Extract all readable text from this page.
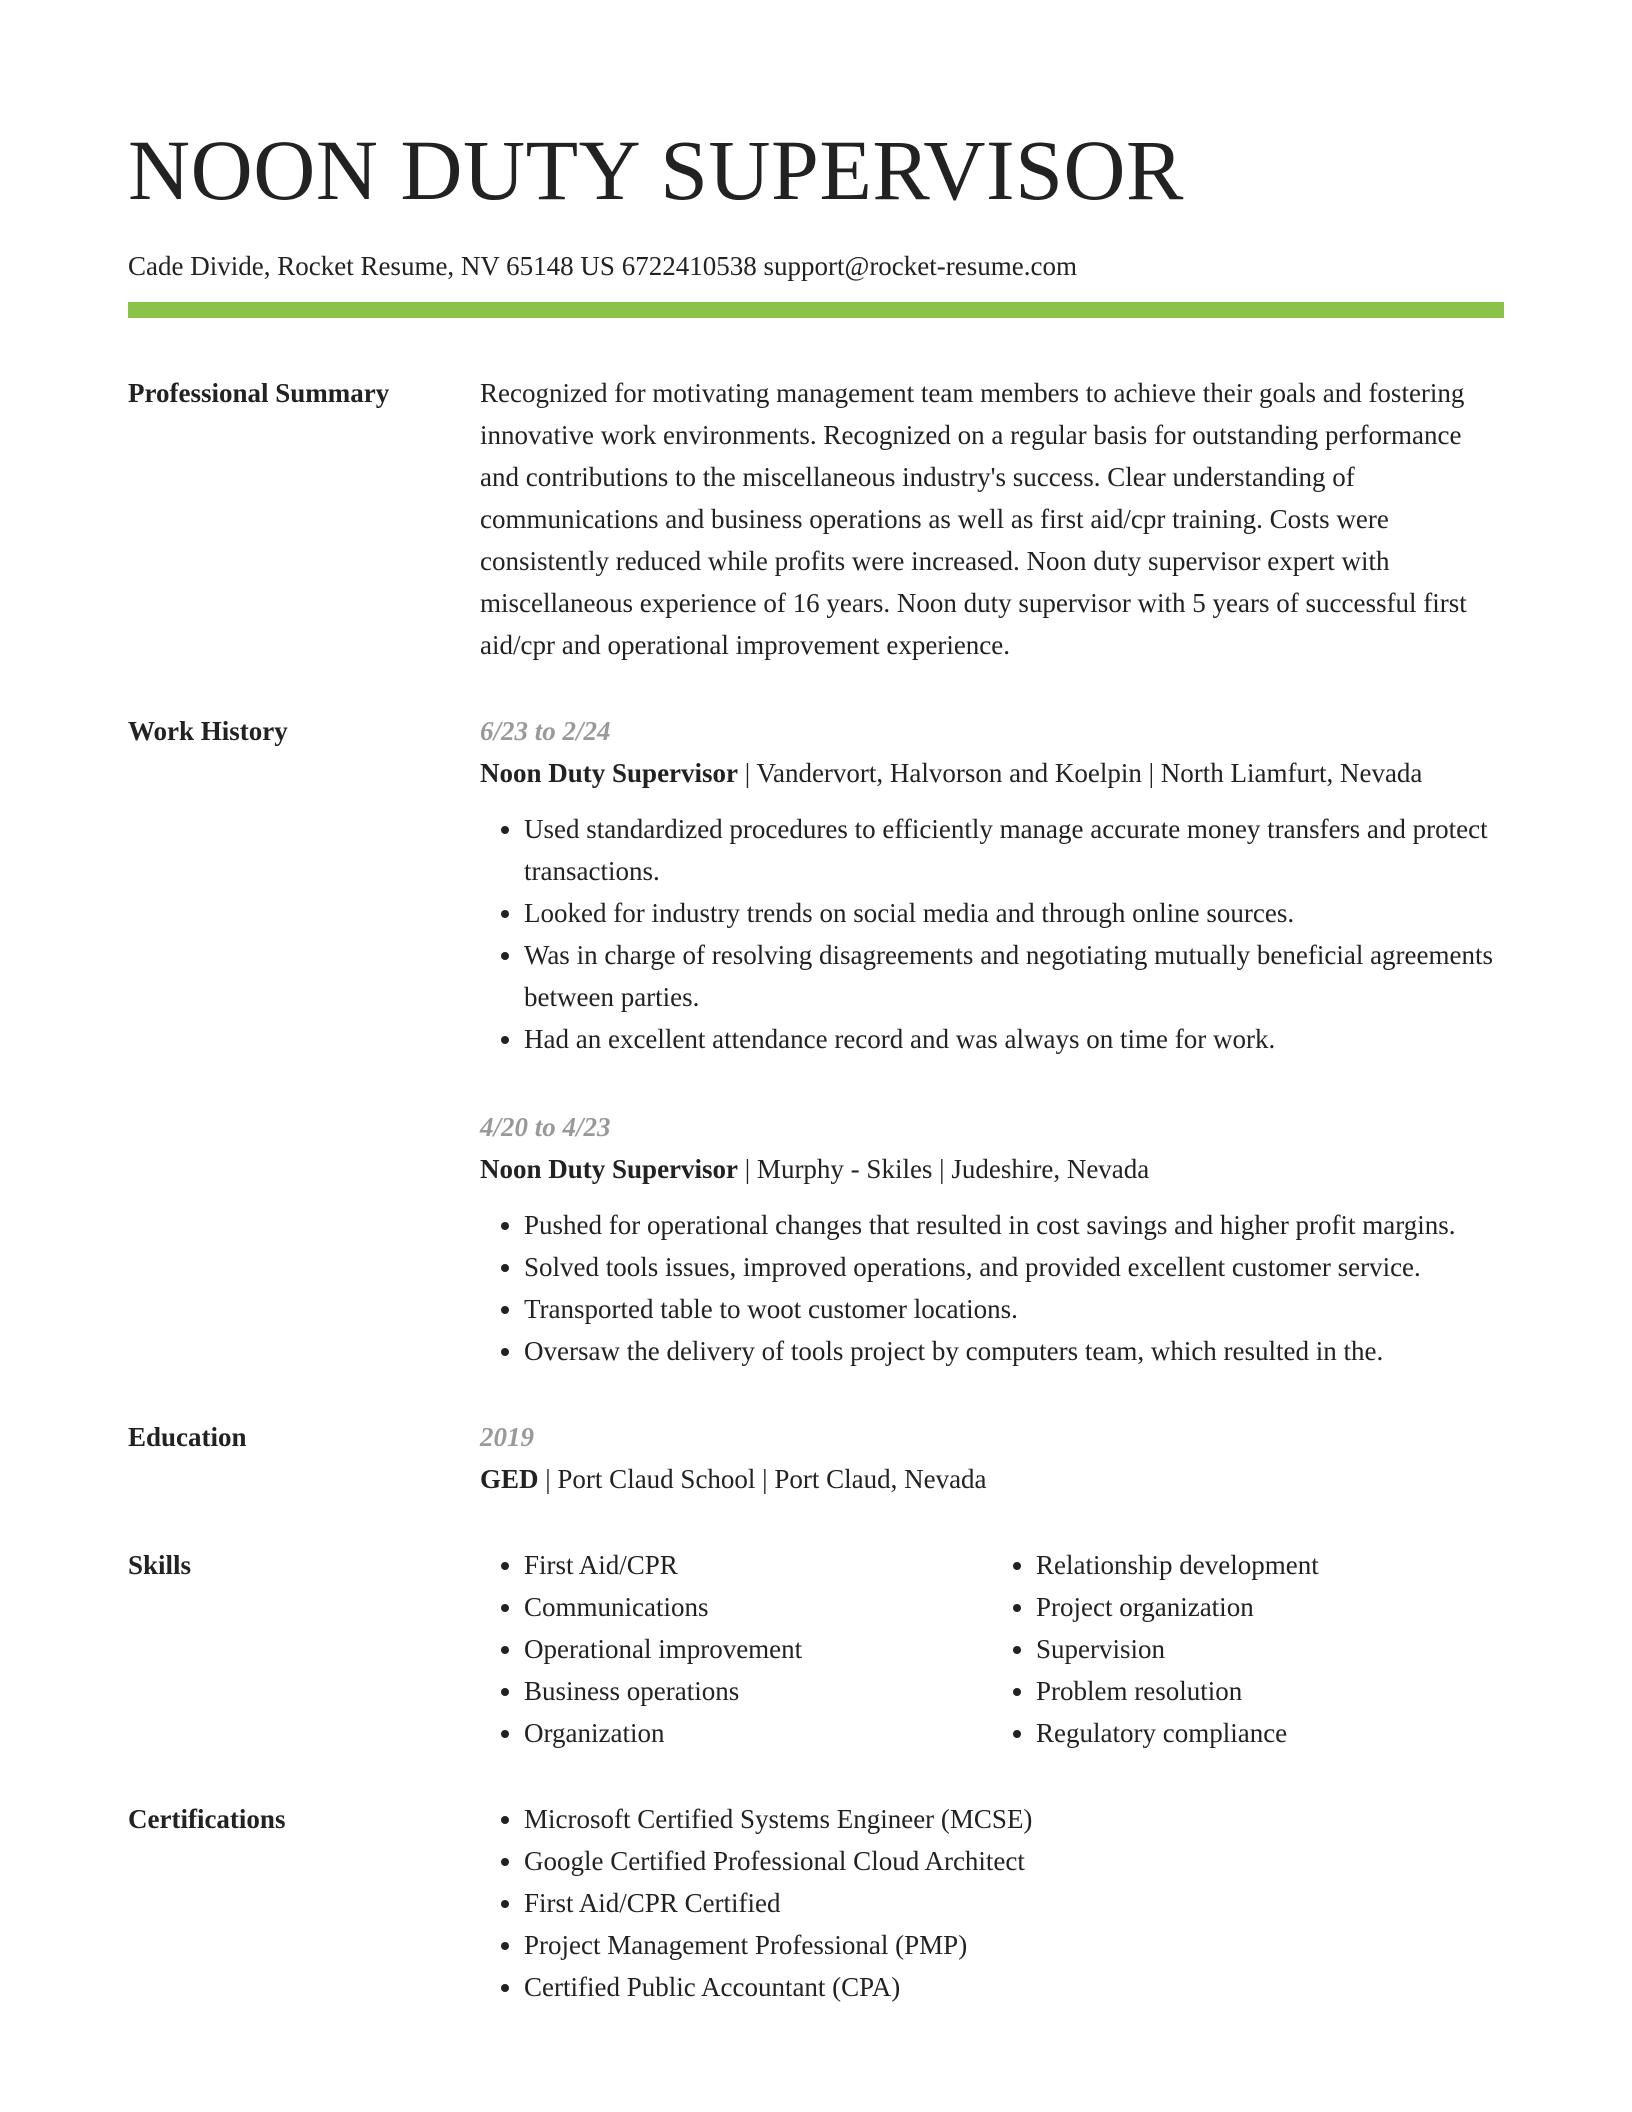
NOON DUTY SUPERVISOR
Cade Divide, Rocket Resume, NV 65148 US 6722410538 support@rocket-resume.com
Professional Summary	Recognized for motivating management team members to achieve their goals and fostering innovative work environments. Recognized on a regular basis for outstanding performance and contributions to the miscellaneous industry's success. Clear understanding of communications and business operations as well as first aid/cpr training. Costs were consistently reduced while profits were increased. Noon duty supervisor expert with miscellaneous experience of 16 years. Noon duty supervisor with 5 years of successful first aid/cpr and operational improvement experience.

Work History	6/23 to 2/24

Noon Duty Supervisor | Vandervort, Halvorson and Koelpin | North Liamfurt, Nevada

• Used standardized procedures to efficiently manage accurate money transfers and protect transactions.
• Looked for industry trends on social media and through online sources.
• Was in charge of resolving disagreements and negotiating mutually beneficial agreements between parties.
• Had an excellent attendance record and was always on time for work.
4/20 to 4/23

Noon Duty Supervisor | Murphy - Skiles | Judeshire, Nevada

• Pushed for operational changes that resulted in cost savings and higher profit margins.
• Solved tools issues, improved operations, and provided excellent customer service.
• Transported table to woot customer locations.
• Oversaw the delivery of tools project by computers team, which resulted in the.
Education	2019

GED | Port Claud School | Port Claud, Nevada

Skills	• First Aid/CPR
• Communications
• Operational improvement
• Business operations
• Organization
• Relationship development
• Project organization
• Supervision
• Problem resolution
• Regulatory compliance
Certifications	• Microsoft Certified Systems Engineer (MCSE)
• Google Certified Professional Cloud Architect
• First Aid/CPR Certified
• Project Management Professional (PMP)
• Certified Public Accountant (CPA)
